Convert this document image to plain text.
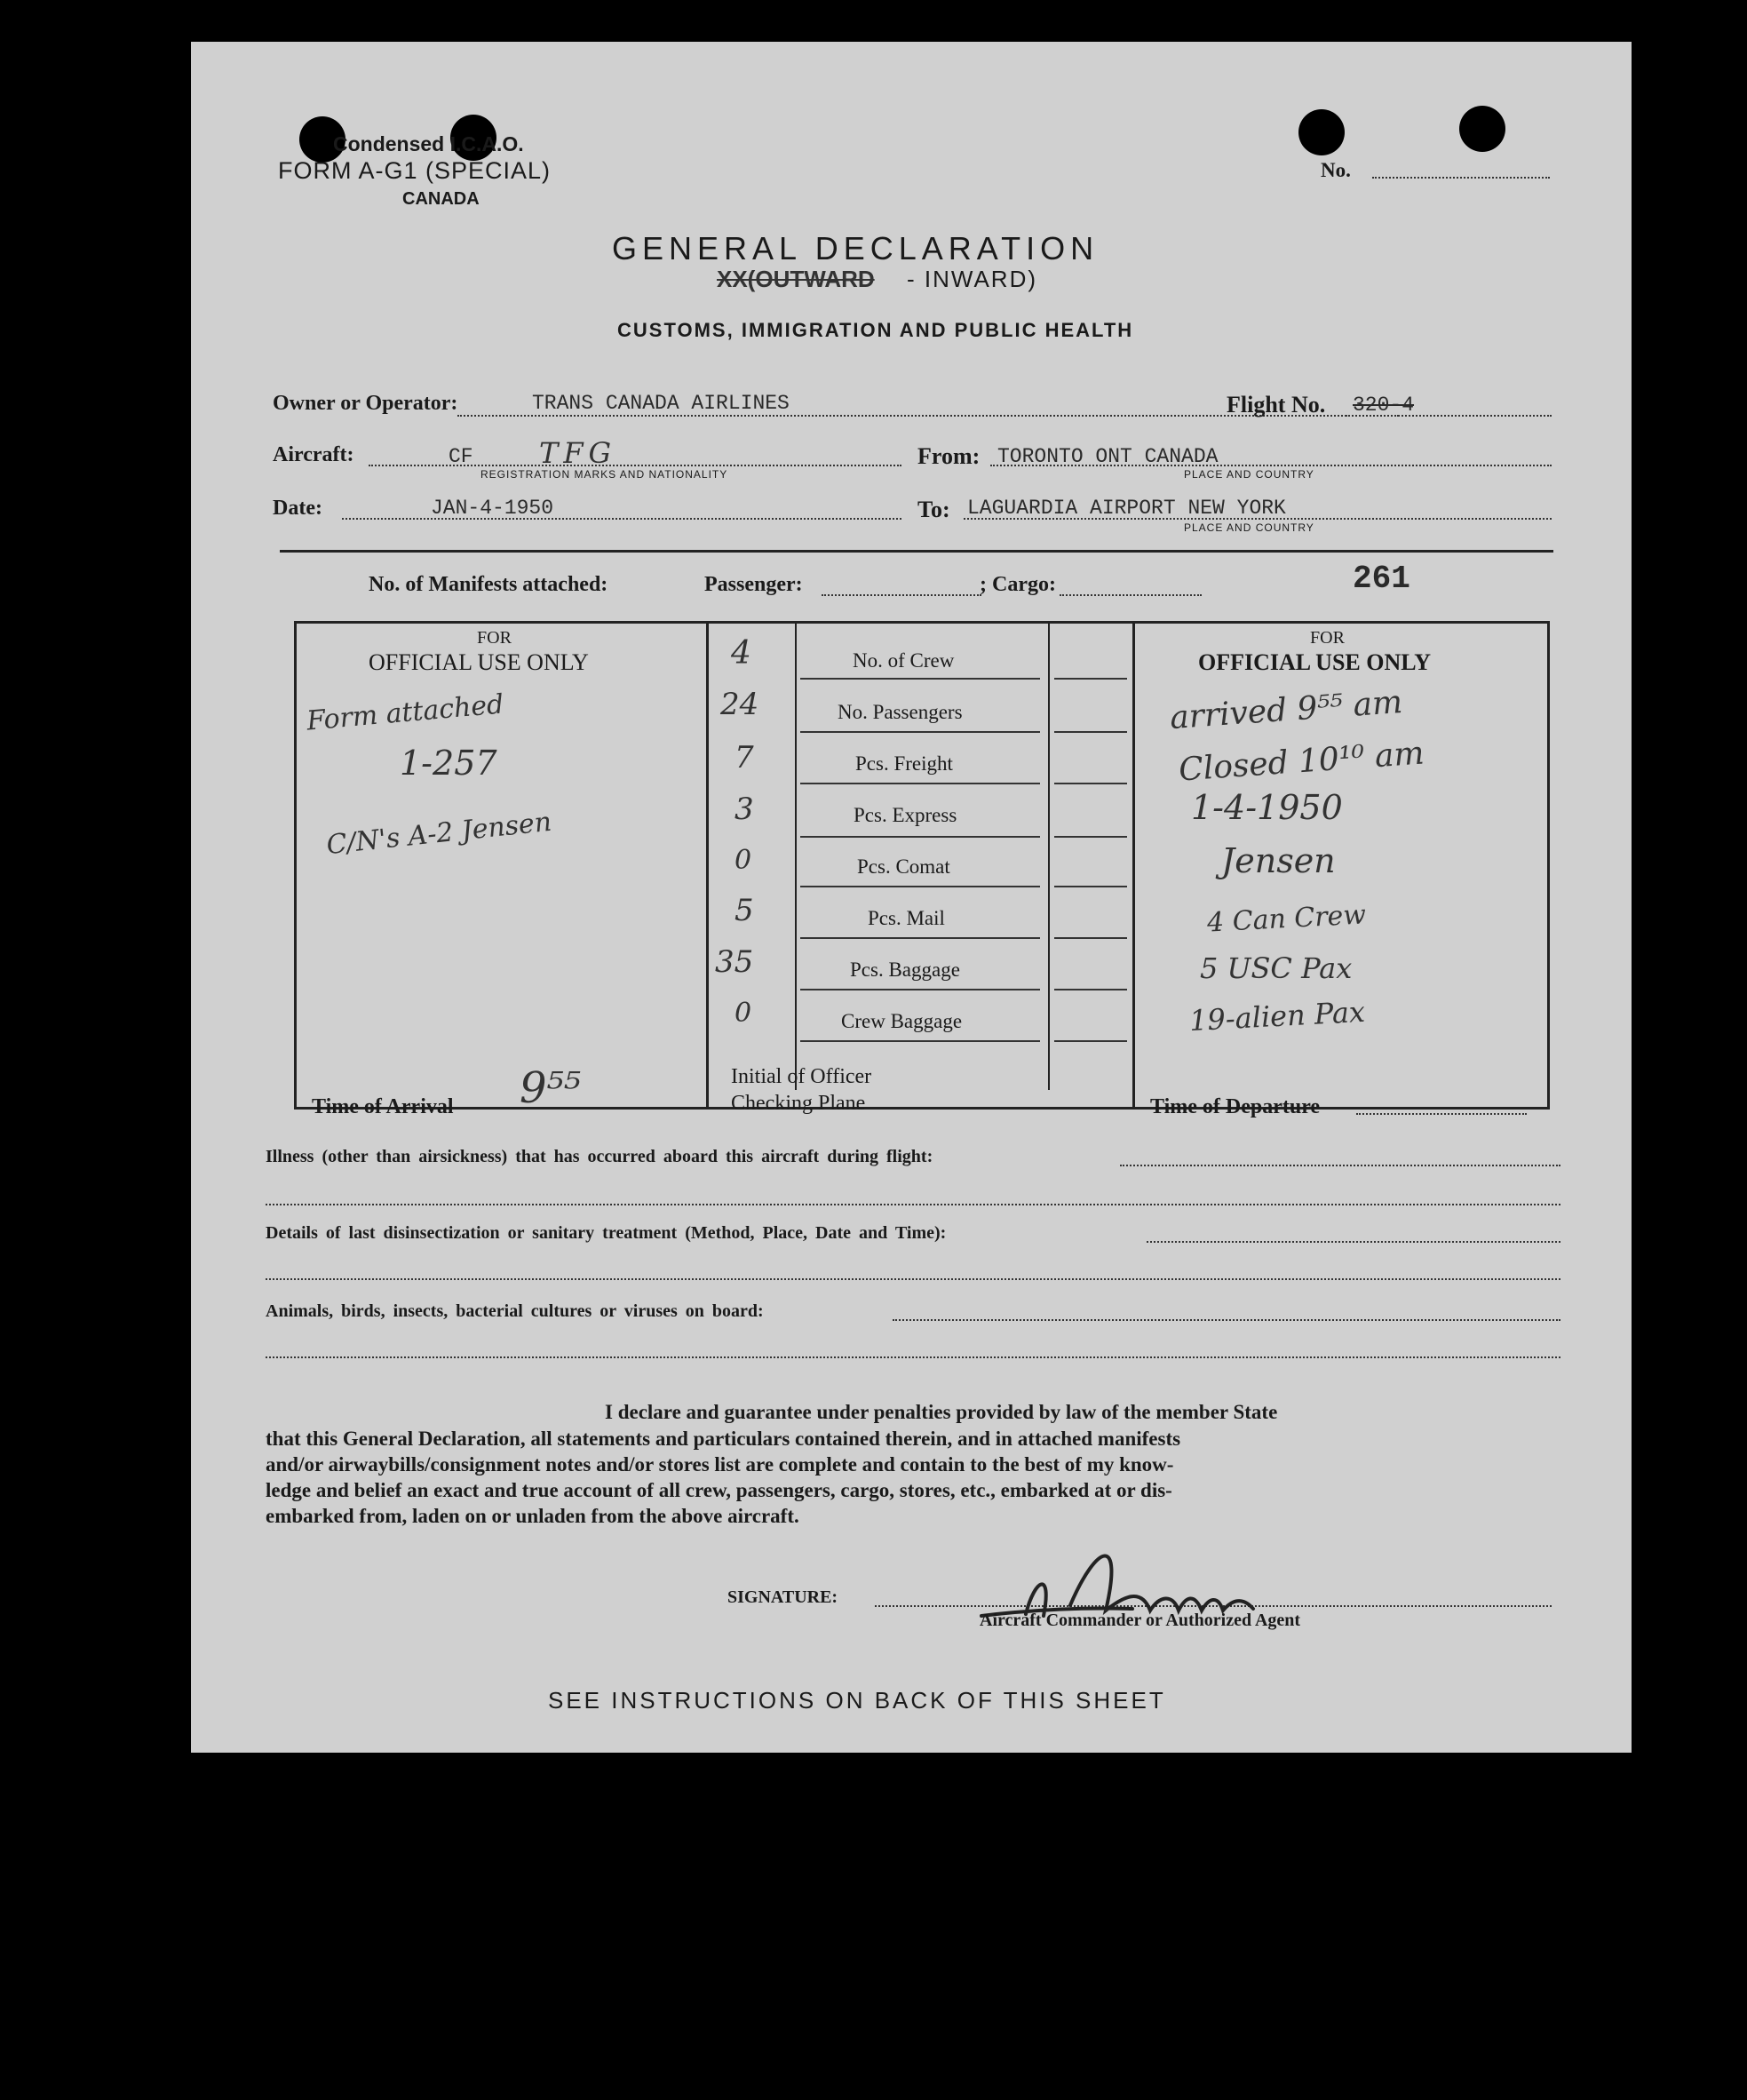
Condensed I.C.A.O.
FORM A-G1 (SPECIAL)
CANADA
No.
GENERAL DECLARATION
XX(OUTWARD - INWARD)
CUSTOMS, IMMIGRATION AND PUBLIC HEALTH
Owner or Operator:	TRANS CANADA AIRLINES	Flight No. 320-4
Aircraft:	CF TFG
REGISTRATION MARKS AND NATIONALITY
From: TORONTO ONT CANADA
PLACE AND COUNTRY
Date:	JAN-4-1950	To: LAGUARDIA AIRPORT NEW YORK
PLACE AND COUNTRY
No. of Manifests attached:	Passenger:	; Cargo:	261
FOR
OFFICIAL USE ONLY
Form attached
1-257
C/N's A-2 Jensen
Time of Arrival 9⁵⁵
4	No. of Crew
24	No. Passengers
7	Pcs. Freight
3	Pcs. Express
0	Pcs. Comat
5	Pcs. Mail
35	Pcs. Baggage
0	Crew Baggage
Initial of Officer
Checking Plane
FOR
OFFICIAL USE ONLY
arrived 9⁵⁵ am
Closed 10¹⁰ am
1-4-1950
Jensen
4 Can Crew
5 USC Pax
19-alien Pax
Time of Departure
Illness (other than airsickness) that has occurred aboard this aircraft during flight:
Details of last disinsectization or sanitary treatment (Method, Place, Date and Time):
Animals, birds, insects, bacterial cultures or viruses on board:
I declare and guarantee under penalties provided by law of the member State
that this General Declaration, all statements and particulars contained therein, and in attached manifests
and/or airwaybills/consignment notes and/or stores list are complete and contain to the best of my know-
ledge and belief an exact and true account of all crew, passengers, cargo, stores, etc., embarked at or dis-
embarked from, laden on or unladen from the above aircraft.
SIGNATURE:
Aircraft Commander or Authorized Agent
SEE INSTRUCTIONS ON BACK OF THIS SHEET
